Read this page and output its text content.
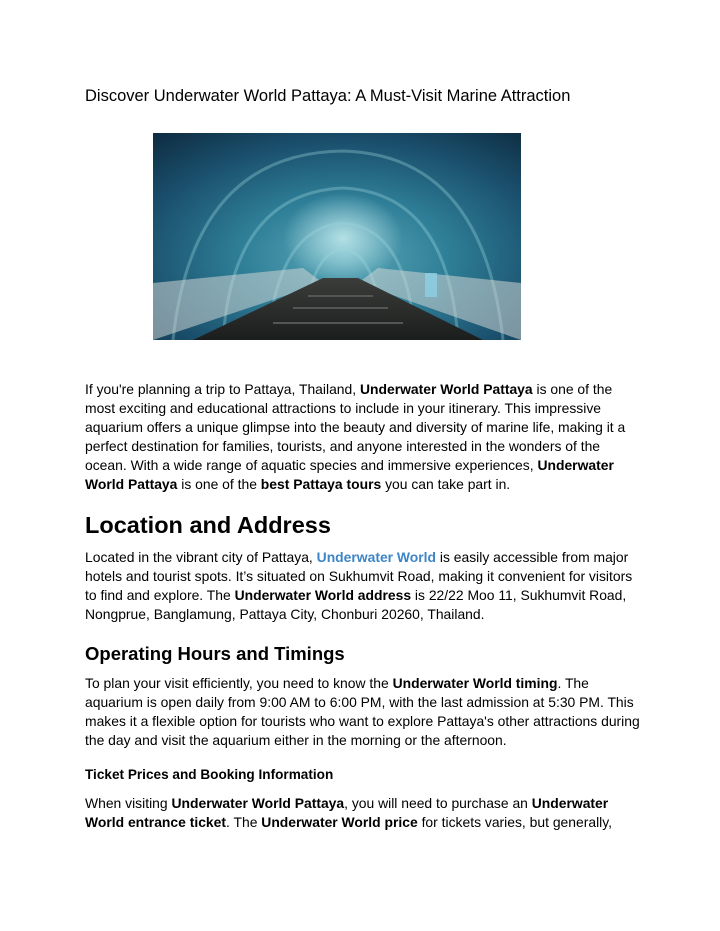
Discover Underwater World Pattaya: A Must-Visit Marine Attraction

If you're planning a trip to Pattaya, Thailand, Underwater World Pattaya is one of the most exciting and educational attractions to include in your itinerary. This impressive aquarium offers a unique glimpse into the beauty and diversity of marine life, making it a perfect destination for families, tourists, and anyone interested in the wonders of the ocean. With a wide range of aquatic species and immersive experiences, Underwater World Pattaya is one of the best Pattaya tours you can take part in.

Location and Address

Located in the vibrant city of Pattaya, Underwater World is easily accessible from major hotels and tourist spots. It’s situated on Sukhumvit Road, making it convenient for visitors to find and explore. The Underwater World address is 22/22 Moo 11, Sukhumvit Road, Nongprue, Banglamung, Pattaya City, Chonburi 20260, Thailand.

Operating Hours and Timings

To plan your visit efficiently, you need to know the Underwater World timing. The aquarium is open daily from 9:00 AM to 6:00 PM, with the last admission at 5:30 PM. This makes it a flexible option for tourists who want to explore Pattaya's other attractions during the day and visit the aquarium either in the morning or the afternoon.

Ticket Prices and Booking Information

When visiting Underwater World Pattaya, you will need to purchase an Underwater World entrance ticket. The Underwater World price for tickets varies, but generally,
